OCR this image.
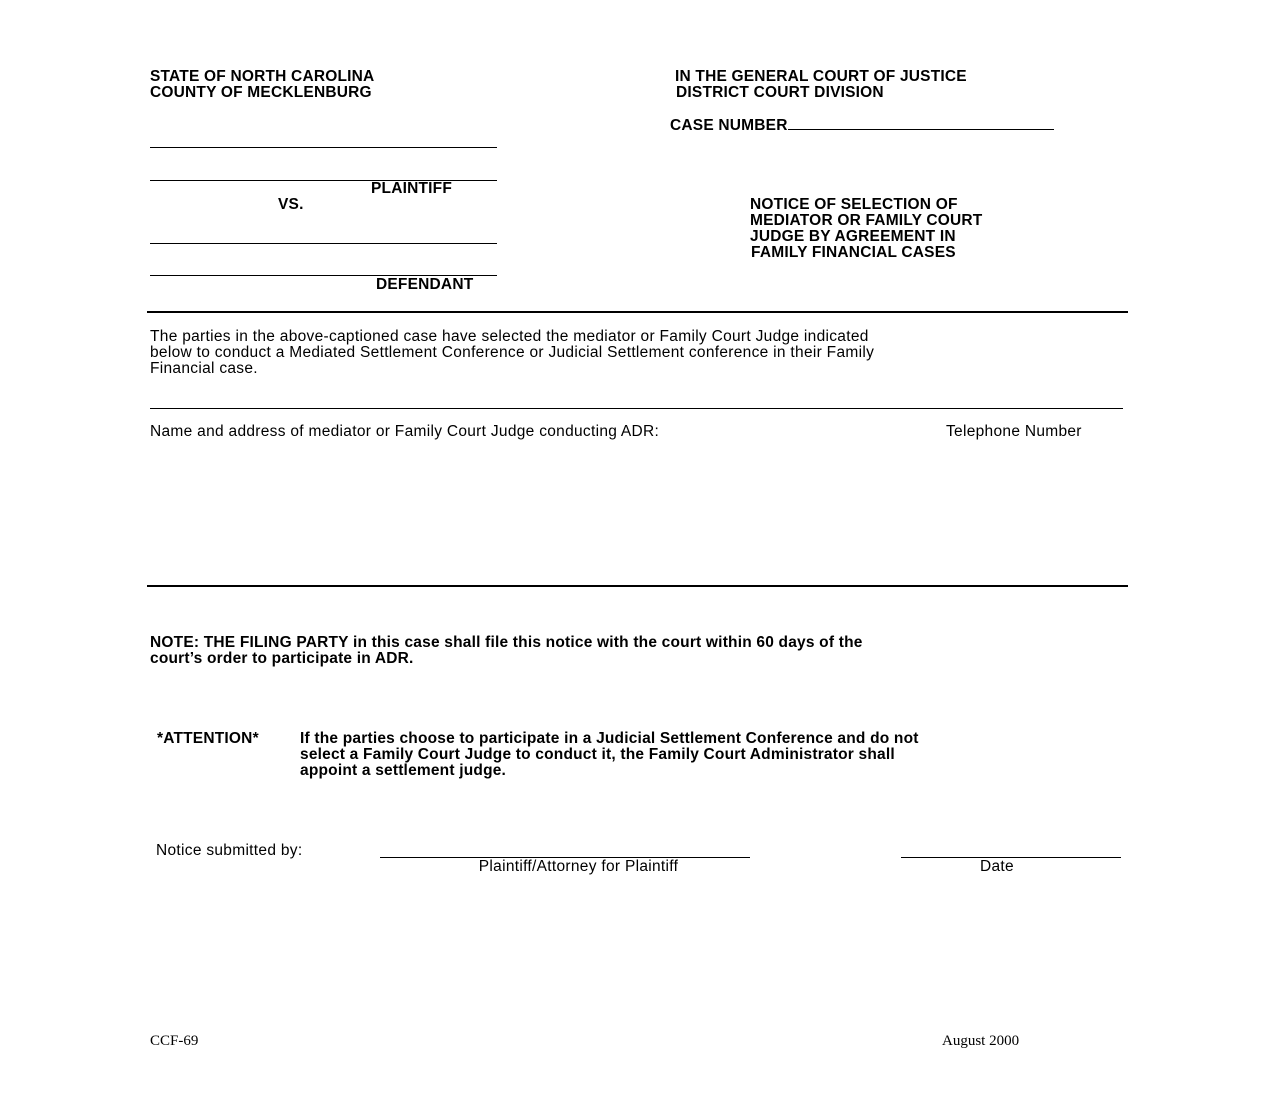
STATE OF NORTH CAROLINA
COUNTY OF MECKLENBURG
IN THE GENERAL COURT OF JUSTICE
DISTRICT COURT DIVISION
CASE NUMBER
PLAINTIFF
VS.
DEFENDANT
NOTICE OF SELECTION OF
MEDIATOR OR FAMILY COURT
JUDGE BY AGREEMENT IN
FAMILY FINANCIAL CASES
The parties in the above-captioned case have selected the mediator or Family Court Judge indicated
below to conduct a Mediated Settlement Conference or Judicial Settlement conference in their Family
Financial case.
Name and address of mediator or Family Court Judge conducting ADR:	Telephone Number
NOTE: THE FILING PARTY in this case shall file this notice with the court within 60 days of the
court’s order to participate in ADR.
*ATTENTION*	If the parties choose to participate in a Judicial Settlement Conference and do not
select a Family Court Judge to conduct it, the Family Court Administrator shall
appoint a settlement judge.
Notice submitted by:
Plaintiff/Attorney for Plaintiff	Date
CCF-69	August 2000
